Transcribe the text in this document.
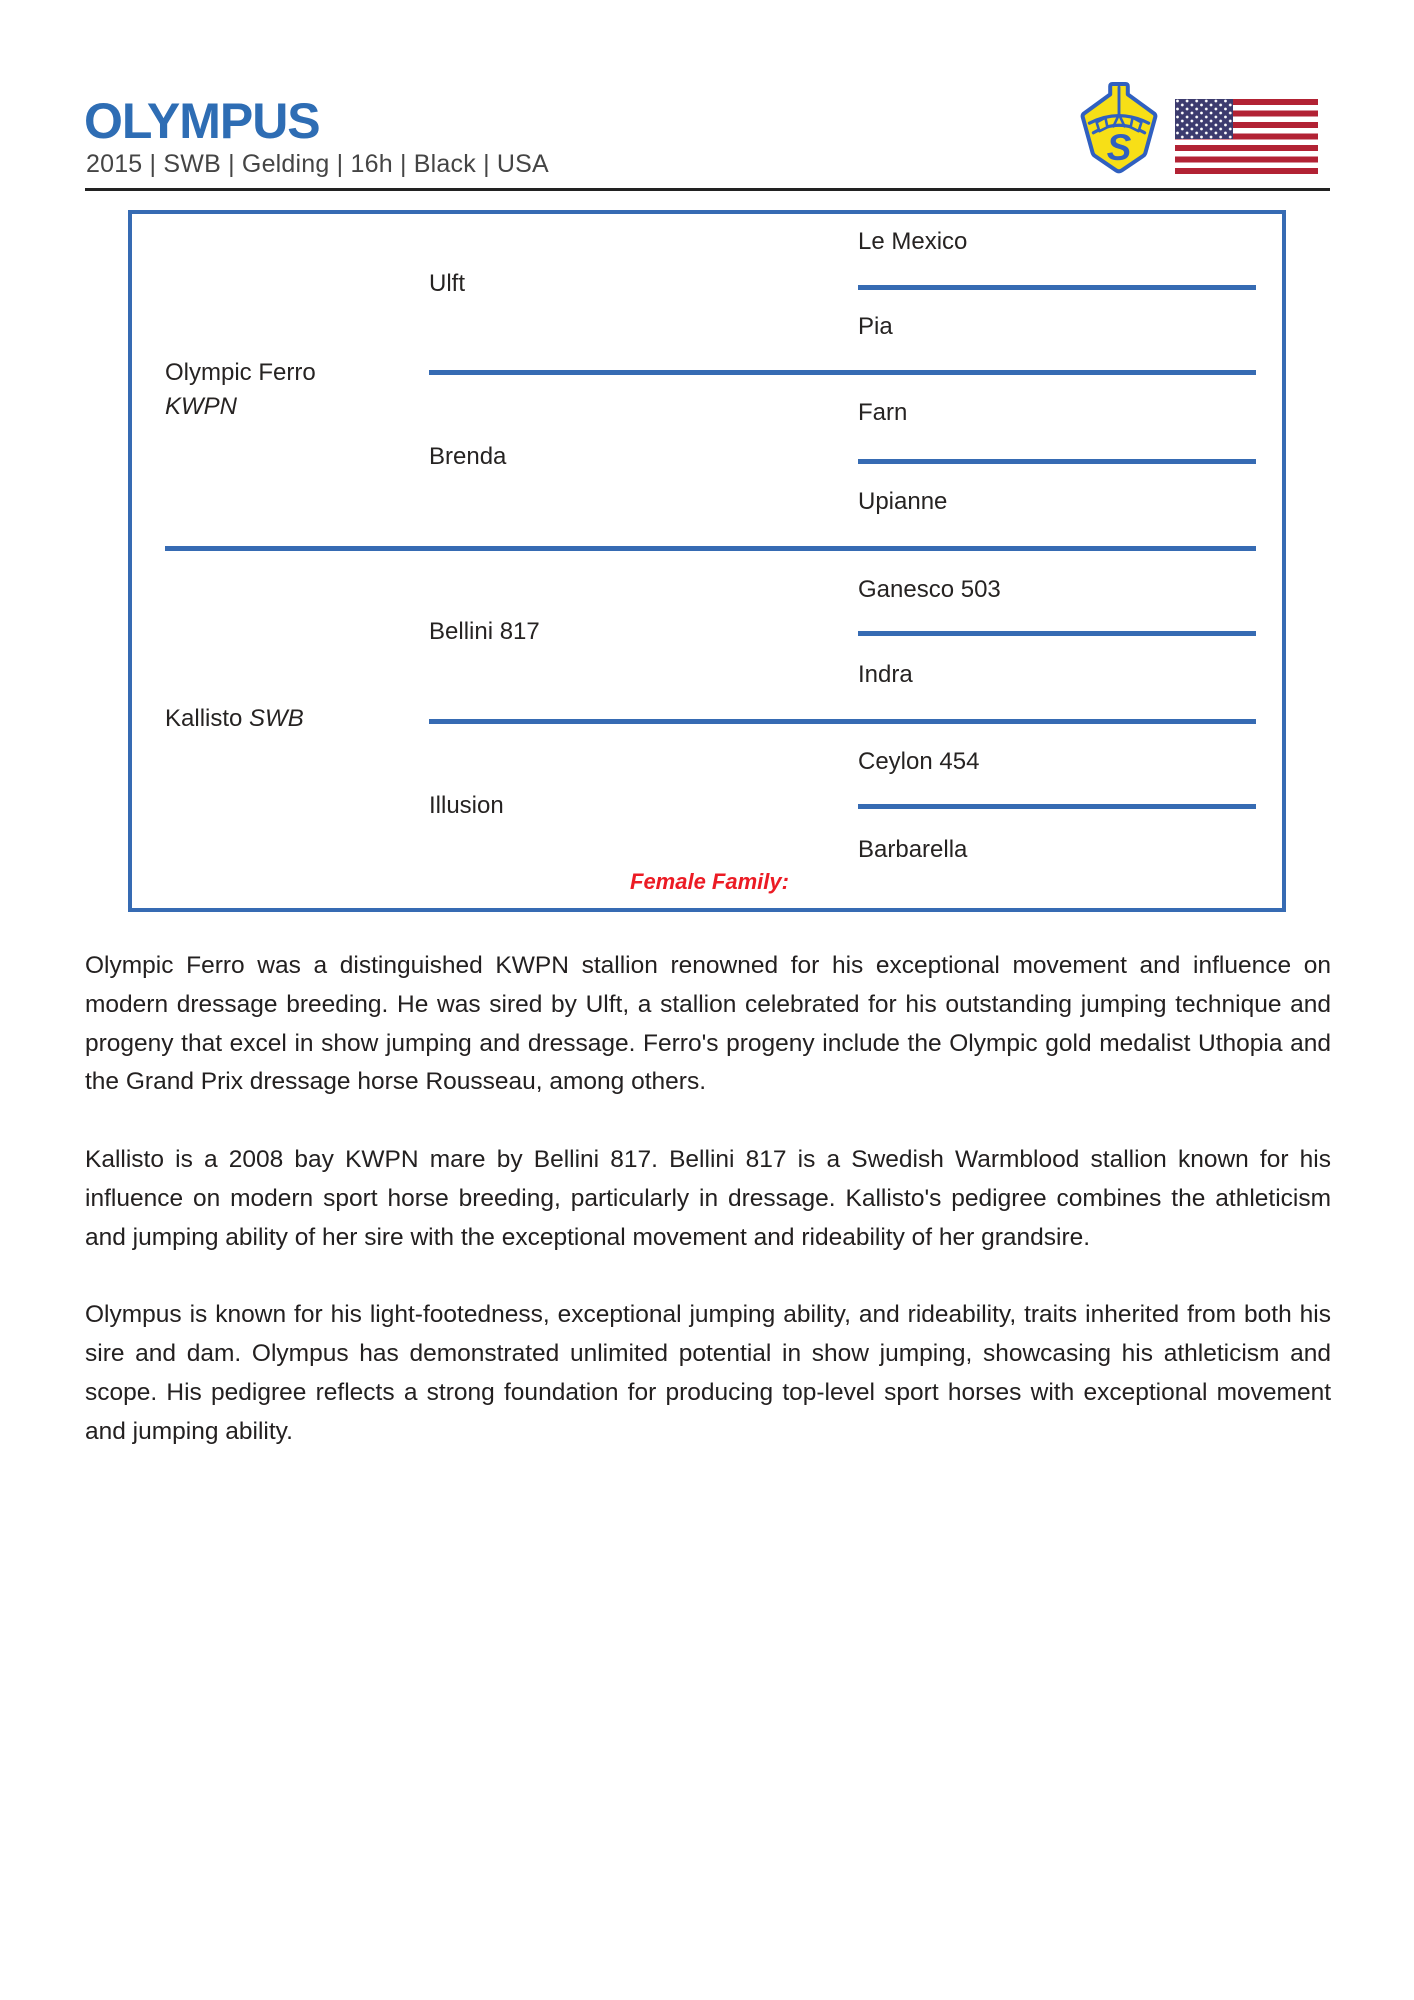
OLYMPUS
2015 | SWB | Gelding | 16h | Black | USA	S
Olympic Ferro
KWPN
Kallisto SWB
Ulft
Brenda
Bellini 817
Illusion
Le Mexico
Pia
Farn
Upianne
Ganesco 503
Indra
Ceylon 454
Barbarella
Female Family:

Olympic Ferro was a distinguished KWPN stallion renowned for his exceptional movement and influence on modern dressage breeding. He was sired by Ulft, a stallion celebrated for his outstanding jumping technique and progeny that excel in show jumping and dressage. Ferro's progeny include the Olympic gold medalist Uthopia and the Grand Prix dressage horse Rousseau, among others.

Kallisto is a 2008 bay KWPN mare by Bellini 817. Bellini 817 is a Swedish Warmblood stallion known for his influence on modern sport horse breeding, particularly in dressage. Kallisto's pedigree combines the athleticism and jumping ability of her sire with the exceptional movement and rideability of her grandsire.

Olympus is known for his light-footedness, exceptional jumping ability, and rideability, traits inherited from both his sire and dam. Olympus has demonstrated unlimited potential in show jumping, showcasing his athleticism and scope. His pedigree reflects a strong foundation for producing top-level sport horses with exceptional movement and jumping ability.
